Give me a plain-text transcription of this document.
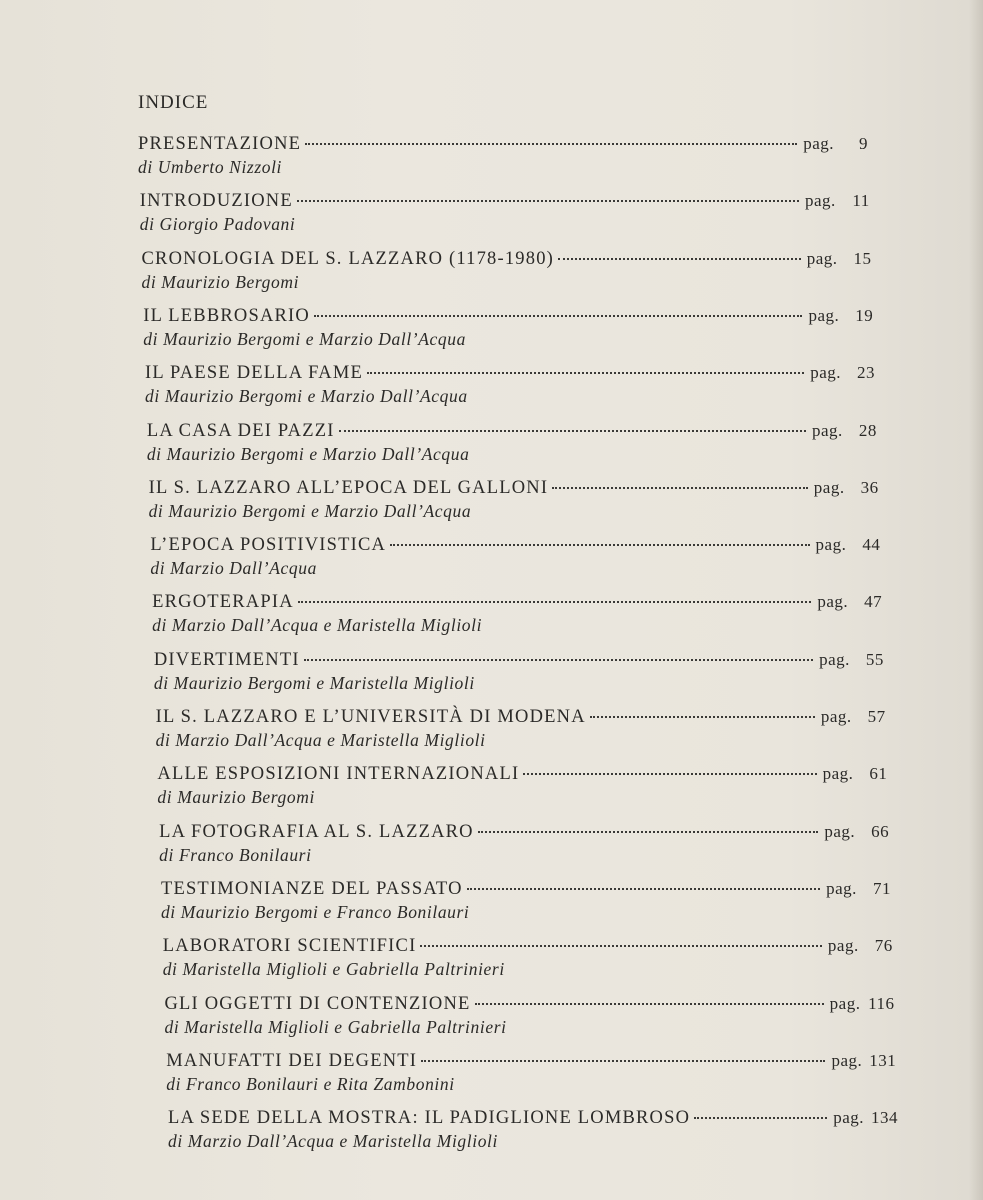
INDICE
PRESENTAZIONE	pag. 9
di Umberto Nizzoli
INTRODUZIONE	pag. 11
di Giorgio Padovani
CRONOLOGIA DEL S. LAZZARO (1178-1980)	pag. 15
di Maurizio Bergomi
IL LEBBROSARIO	pag. 19
di Maurizio Bergomi e Marzio Dall’Acqua
IL PAESE DELLA FAME	pag. 23
di Maurizio Bergomi e Marzio Dall’Acqua
LA CASA DEI PAZZI	pag. 28
di Maurizio Bergomi e Marzio Dall’Acqua
IL S. LAZZARO ALL’EPOCA DEL GALLONI	pag. 36
di Maurizio Bergomi e Marzio Dall’Acqua
L’EPOCA POSITIVISTICA	pag. 44
di Marzio Dall’Acqua
ERGOTERAPIA	pag. 47
di Marzio Dall’Acqua e Maristella Miglioli
DIVERTIMENTI	pag. 55
di Maurizio Bergomi e Maristella Miglioli
IL S. LAZZARO E L’UNIVERSITÀ DI MODENA	pag. 57
di Marzio Dall’Acqua e Maristella Miglioli
ALLE ESPOSIZIONI INTERNAZIONALI	pag. 61
di Maurizio Bergomi
LA FOTOGRAFIA AL S. LAZZARO	pag. 66
di Franco Bonilauri
TESTIMONIANZE DEL PASSATO	pag. 71
di Maurizio Bergomi e Franco Bonilauri
LABORATORI SCIENTIFICI	pag. 76
di Maristella Miglioli e Gabriella Paltrinieri
GLI OGGETTI DI CONTENZIONE	pag. 116
di Maristella Miglioli e Gabriella Paltrinieri
MANUFATTI DEI DEGENTI	pag. 131
di Franco Bonilauri e Rita Zambonini
LA SEDE DELLA MOSTRA: IL PADIGLIONE LOMBROSO	pag. 134
di Marzio Dall’Acqua e Maristella Miglioli
